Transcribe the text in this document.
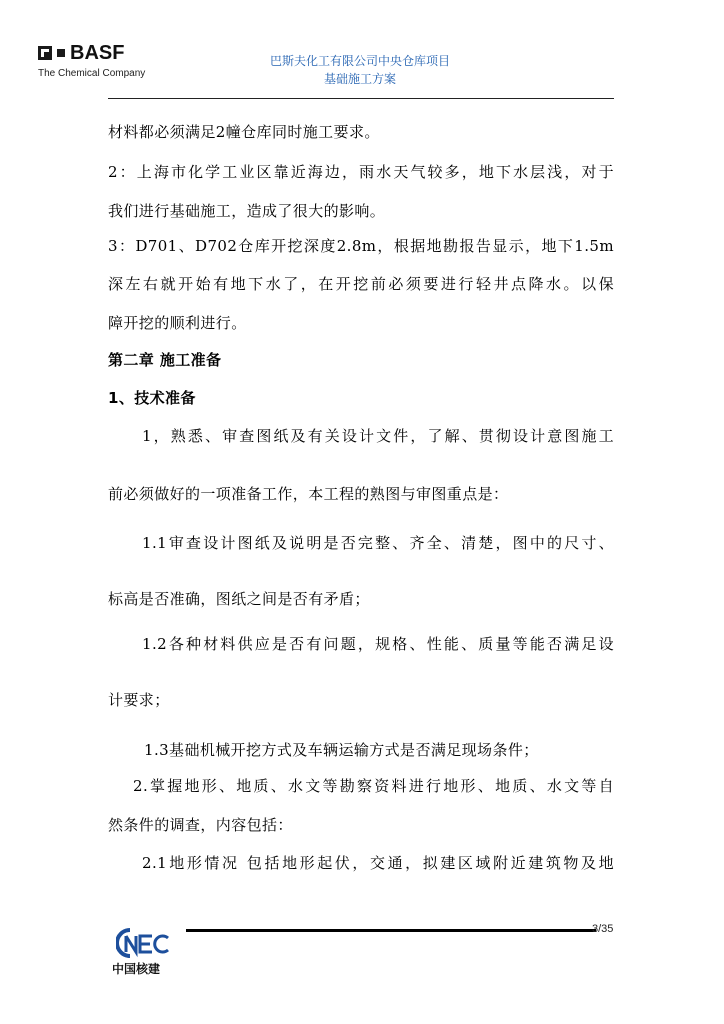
BASF
The Chemical Company
巴斯夫化工有限公司中央仓库项目
基础施工方案
材料都必须满足2幢仓库同时施工要求。
2：上海市化学工业区靠近海边，雨水天气较多，地下水层浅，对于
我们进行基础施工，造成了很大的影响。
3：D701、D702仓库开挖深度2.8m，根据地勘报告显示，地下1.5m
深左右就开始有地下水了，在开挖前必须要进行轻井点降水。以保
障开挖的顺利进行。
第二章 施工准备
1、技术准备
1，熟悉、审查图纸及有关设计文件，了解、贯彻设计意图施工
前必须做好的一项准备工作，本工程的熟图与审图重点是：
1.1审查设计图纸及说明是否完整、齐全、清楚，图中的尺寸、
标高是否准确，图纸之间是否有矛盾；
1.2各种材料供应是否有问题，规格、性能、质量等能否满足设
计要求；
1.3基础机械开挖方式及车辆运输方式是否满足现场条件；
2.掌握地形、地质、水文等勘察资料进行地形、地质、水文等自
然条件的调查，内容包括：
2.1地形情况 包括地形起伏，交通，拟建区域附近建筑物及地
3/35
中国核建
